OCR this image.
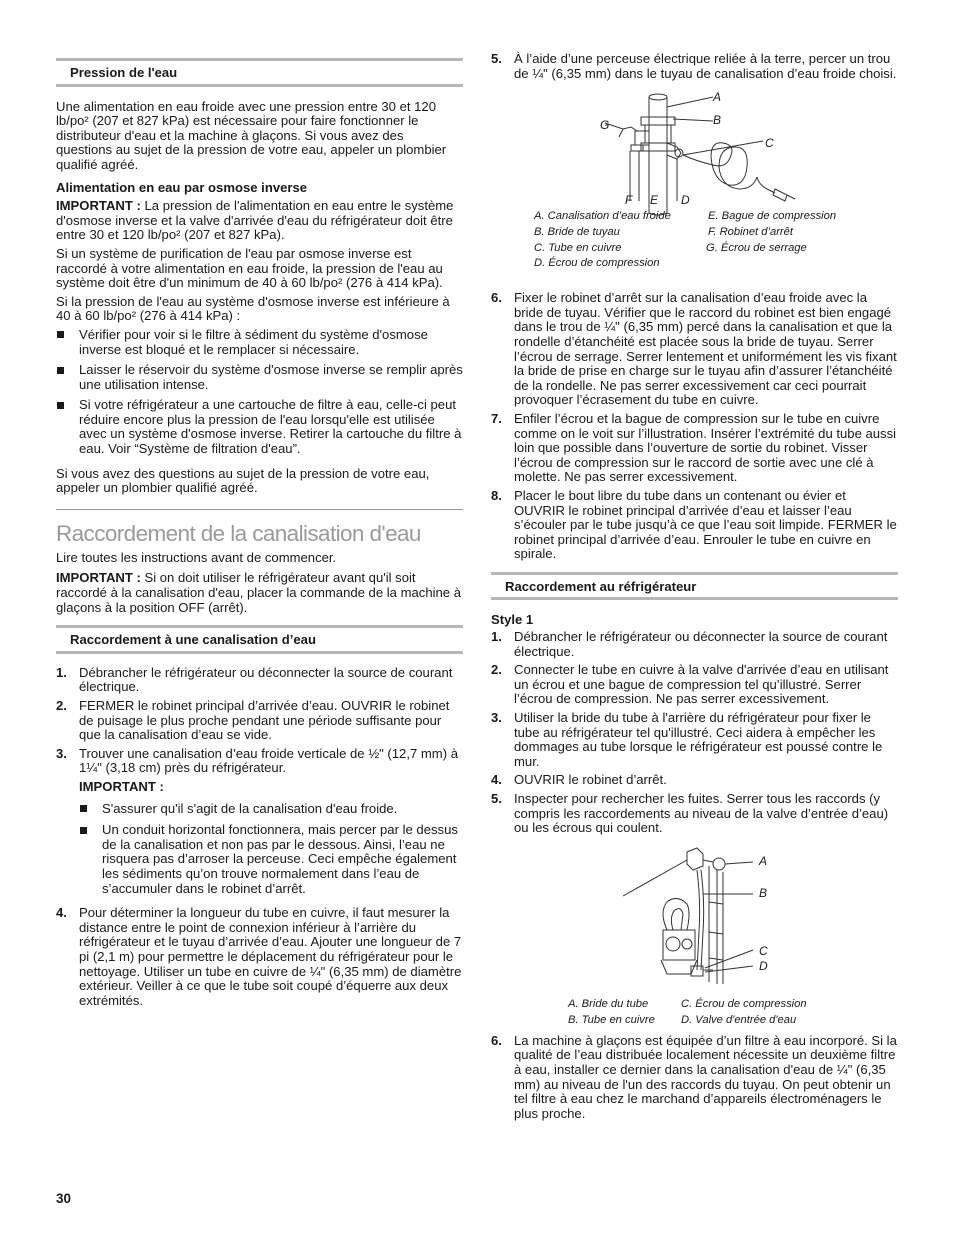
Pression de l'eau

Une alimentation en eau froide avec une pression entre 30 et 120 lb/po² (207 et 827 kPa) est nécessaire pour faire fonctionner le distributeur d'eau et la machine à glaçons. Si vous avez des questions au sujet de la pression de votre eau, appeler un plombier qualifié agréé.

Alimentation en eau par osmose inverse

IMPORTANT : La pression de l'alimentation en eau entre le système d'osmose inverse et la valve d'arrivée d'eau du réfrigérateur doit être entre 30 et 120 lb/po² (207 et 827 kPa).

Si un système de purification de l'eau par osmose inverse est raccordé à votre alimentation en eau froide, la pression de l'eau au système doit être d'un minimum de 40 à 60 lb/po² (276 à 414 kPa).

Si la pression de l'eau au système d'osmose inverse est inférieure à 40 à 60 lb/po² (276 à 414 kPa) :

Vérifier pour voir si le filtre à sédiment du système d'osmose inverse est bloqué et le remplacer si nécessaire.
Laisser le réservoir du système d'osmose inverse se remplir après une utilisation intense.
Si votre réfrigérateur a une cartouche de filtre à eau, celle-ci peut réduire encore plus la pression de l'eau lorsqu'elle est utilisée avec un système d'osmose inverse. Retirer la cartouche du filtre à eau. Voir “Système de filtration d'eau”.

Si vous avez des questions au sujet de la pression de votre eau, appeler un plombier qualifié agréé.

Raccordement de la canalisation d'eau

Lire toutes les instructions avant de commencer.

IMPORTANT : Si on doit utiliser le réfrigérateur avant qu'il soit raccordé à la canalisation d'eau, placer la commande de la machine à glaçons à la position OFF (arrêt).

Raccordement à une canalisation d’eau
1. Débrancher le réfrigérateur ou déconnecter la source de courant électrique.
2. FERMER le robinet principal d’arrivée d’eau. OUVRIR le robinet de puisage le plus proche pendant une période suffisante pour que la canalisation d’eau se vide.
3. Trouver une canalisation d’eau froide verticale de ½" (12,7 mm) à 1¼" (3,18 cm) près du réfrigérateur.

IMPORTANT :

S'assurer qu'il s'agit de la canalisation d'eau froide.
Un conduit horizontal fonctionnera, mais percer par le dessus de la canalisation et non pas par le dessous. Ainsi, l’eau ne risquera pas d’arroser la perceuse. Ceci empêche également les sédiments qu’on trouve normalement dans l’eau de s’accumuler dans le robinet d’arrêt.
4. Pour déterminer la longueur du tube en cuivre, il faut mesurer la distance entre le point de connexion inférieur à l’arrière du réfrigérateur et le tuyau d’arrivée d’eau. Ajouter une longueur de 7 pi (2,1 m) pour permettre le déplacement du réfrigérateur pour le nettoyage. Utiliser un tube en cuivre de ¼" (6,35 mm) de diamètre extérieur. Veiller à ce que le tube soit coupé d’équerre aux deux extrémités.
5. À l’aide d’une perceuse électrique reliée à la terre, percer un trou de ¼" (6,35 mm) dans le tuyau de canalisation d’eau froide choisi.
A
B
C
G
F E D
A. Canalisation d’eau froide
B. Bride de tuyau
C. Tube en cuivre
D. Écrou de compression
E. Bague de compression
F. Robinet d’arrêt
G. Écrou de serrage
6. Fixer le robinet d’arrêt sur la canalisation d’eau froide avec la bride de tuyau. Vérifier que le raccord du robinet est bien engagé dans le trou de ¼" (6,35 mm) percé dans la canalisation et que la rondelle d’étanchéité est placée sous la bride de tuyau. Serrer l’écrou de serrage. Serrer lentement et uniformément les vis fixant la bride de prise en charge sur le tuyau afin d’assurer l’étanchéité de la rondelle. Ne pas serrer excessivement car ceci pourrait provoquer l’écrasement du tube en cuivre.
7. Enfiler l’écrou et la bague de compression sur le tube en cuivre comme on le voit sur l’illustration. Insérer l’extrémité du tube aussi loin que possible dans l’ouverture de sortie du robinet. Visser l’écrou de compression sur le raccord de sortie avec une clé à molette. Ne pas serrer excessivement.
8. Placer le bout libre du tube dans un contenant ou évier et OUVRIR le robinet principal d’arrivée d’eau et laisser l’eau s’écouler par le tube jusqu’à ce que l’eau soit limpide. FERMER le robinet principal d’arrivée d’eau. Enrouler le tube en cuivre en spirale.
Raccordement au réfrigérateur

Style 1

1. Débrancher le réfrigérateur ou déconnecter la source de courant électrique.
2. Connecter le tube en cuivre à la valve d'arrivée d’eau en utilisant un écrou et une bague de compression tel qu’illustré. Serrer l’écrou de compression. Ne pas serrer excessivement.
3. Utiliser la bride du tube à l'arrière du réfrigérateur pour fixer le tube au réfrigérateur tel qu'illustré. Ceci aidera à empêcher les dommages au tube lorsque le réfrigérateur est poussé contre le mur.
4. OUVRIR le robinet d’arrêt.
5. Inspecter pour rechercher les fuites. Serrer tous les raccords (y compris les raccordements au niveau de la valve d’entrée d’eau) ou les écrous qui coulent.
A
B
C
D
A. Bride du tube
B. Tube en cuivre
C. Écrou de compression
D. Valve d'entrée d'eau
6. La machine à glaçons est équipée d’un filtre à eau incorporé. Si la qualité de l’eau distribuée localement nécessite un deuxième filtre à eau, installer ce dernier dans la canalisation d'eau de ¼" (6,35 mm) au niveau de l'un des raccords du tuyau. On peut obtenir un tel filtre à eau chez le marchand d’appareils électroménagers le plus proche.
30
